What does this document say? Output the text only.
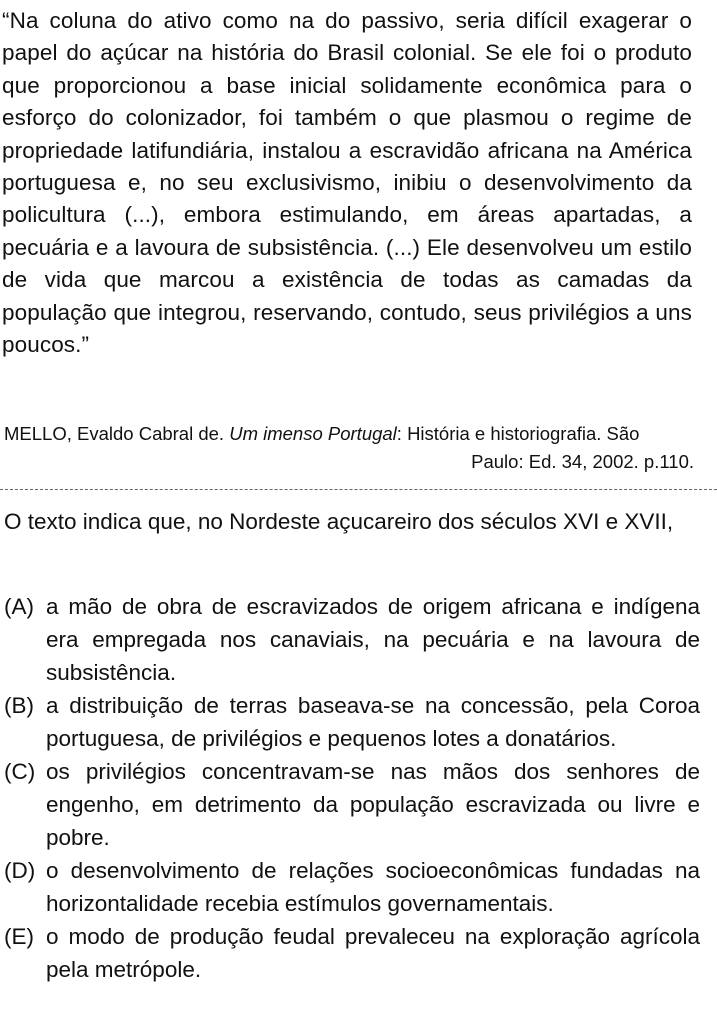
“Na coluna do ativo como na do passivo, seria difícil exagerar o papel do açúcar na história do Brasil colonial. Se ele foi o produto que proporcionou a base inicial solidamente econômica para o esforço do colonizador, foi também o que plasmou o regime de propriedade latifundiária, instalou a escravidão africana na América portuguesa e, no seu exclusivismo, inibiu o desenvolvimento da policultura (...), embora estimulando, em áreas apartadas, a pecuária e a lavoura de subsistência. (...) Ele desenvolveu um estilo de vida que marcou a existência de todas as camadas da população que integrou, reservando, contudo, seus privilégios a uns poucos.”

MELLO, Evaldo Cabral de. Um imenso Portugal: História e historiografia. São
Paulo: Ed. 34, 2002. p.110.

O texto indica que, no Nordeste açucareiro dos séculos XVI e XVII,

(A) a mão de obra de escravizados de origem africana e indígena era empregada nos canaviais, na pecuária e na lavoura de subsistência.
(B) a distribuição de terras baseava-se na concessão, pela Coroa portuguesa, de privilégios e pequenos lotes a donatários.
(C) os privilégios concentravam-se nas mãos dos senhores de engenho, em detrimento da população escravizada ou livre e pobre.
(D) o desenvolvimento de relações socioeconômicas fundadas na horizontalidade recebia estímulos governamentais.
(E) o modo de produção feudal prevaleceu na exploração agrícola pela metrópole.
